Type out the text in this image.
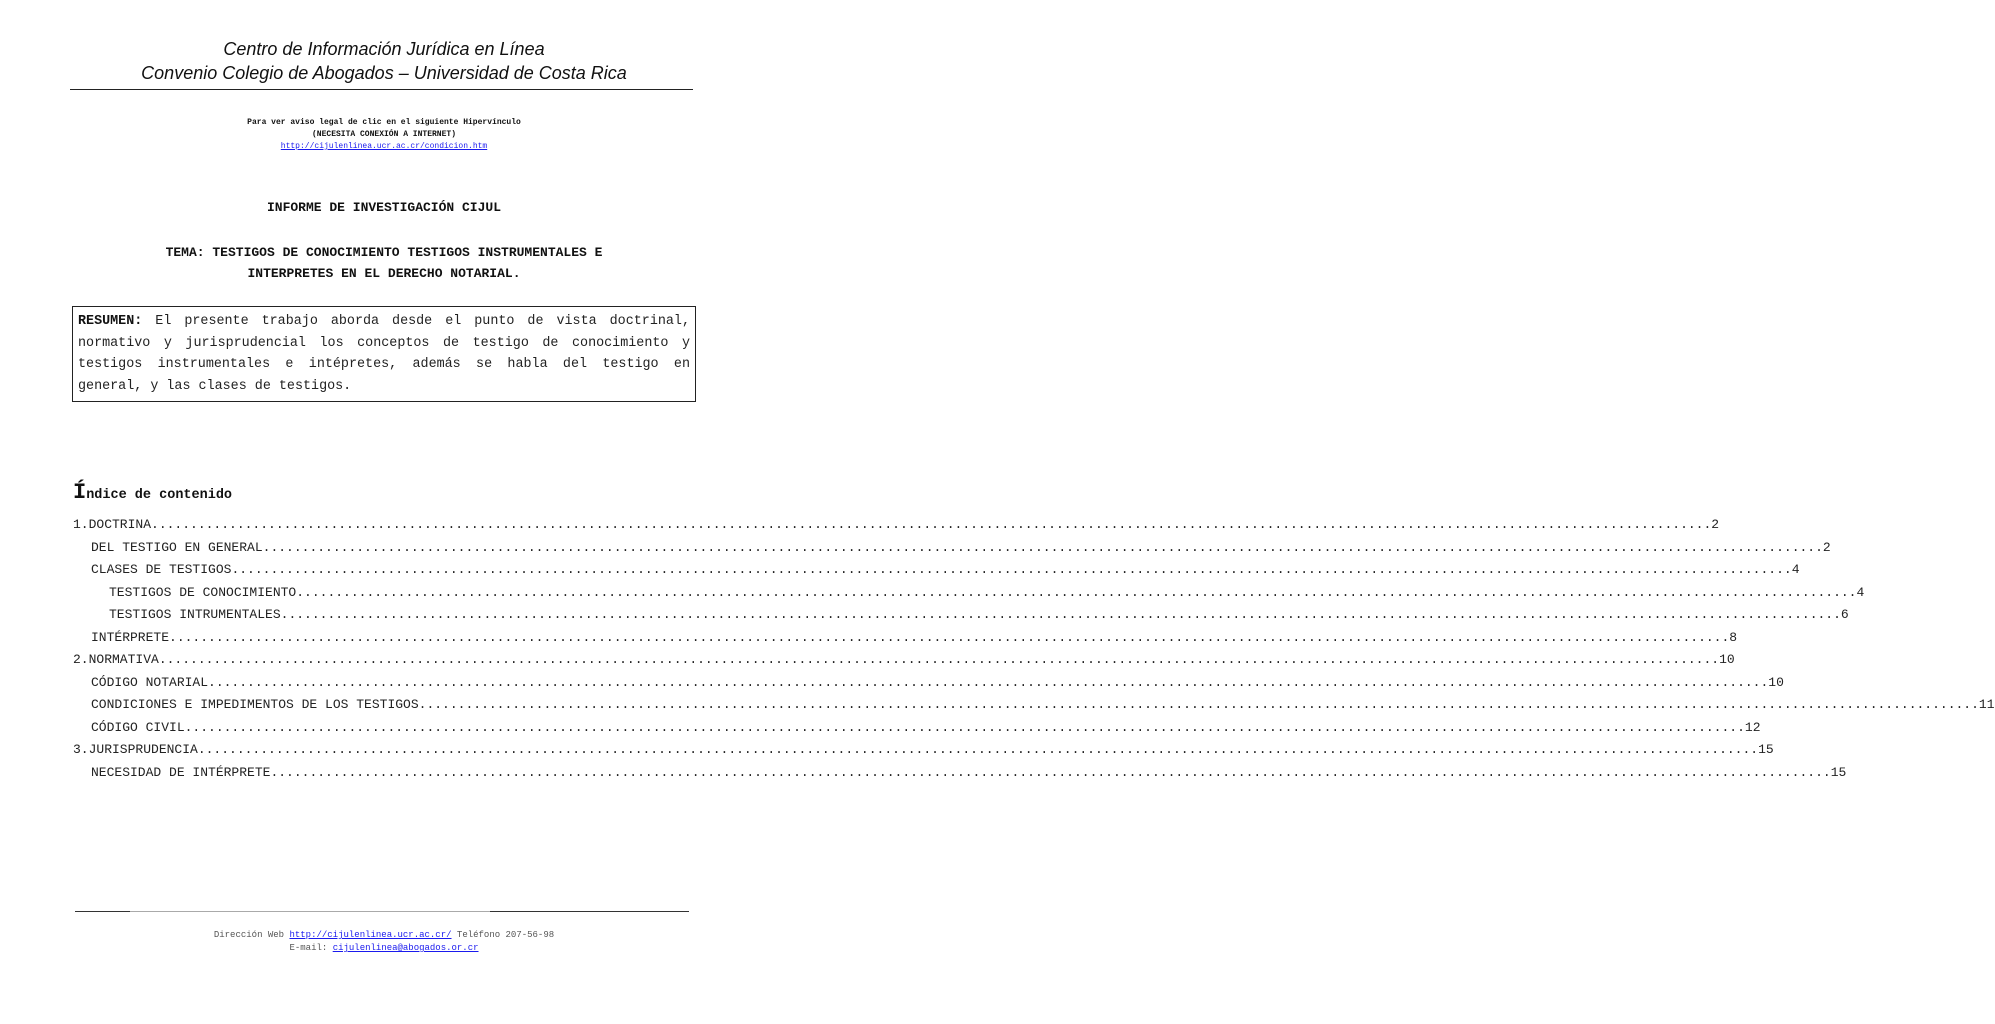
Centro de Información Jurídica en Línea
Convenio Colegio de Abogados – Universidad de Costa Rica
Para ver aviso legal de clic en el siguiente Hipervínculo
(NECESITA CONEXIÓN A INTERNET)
http://cijulenlinea.ucr.ac.cr/condicion.htm
INFORME DE INVESTIGACIÓN CIJUL
TEMA: TESTIGOS DE CONOCIMIENTO TESTIGOS INSTRUMENTALES E
INTERPRETES EN EL DERECHO NOTARIAL.
RESUMEN: El presente trabajo aborda desde el punto de vista doctrinal, normativo y jurisprudencial los conceptos de testigo de conocimiento y testigos instrumentales e intépretes, además se habla del testigo en general, y las clases de testigos.
Índice de contenido
1.DOCTRINA ........................................................................................................................................................................................................ 2
DEL TESTIGO EN GENERAL ........................................................................................................................................................................................................ 2
CLASES DE TESTIGOS ........................................................................................................................................................................................................ 4
TESTIGOS DE CONOCIMIENTO ........................................................................................................................................................................................................ 4
TESTIGOS INTRUMENTALES ........................................................................................................................................................................................................ 6
INTÉRPRETE ........................................................................................................................................................................................................ 8
2.NORMATIVA ........................................................................................................................................................................................................ 10
CÓDIGO NOTARIAL ........................................................................................................................................................................................................ 10
CONDICIONES E IMPEDIMENTOS DE LOS TESTIGOS ........................................................................................................................................................................................................ 11
CÓDIGO CIVIL ........................................................................................................................................................................................................ 12
3.JURISPRUDENCIA ........................................................................................................................................................................................................ 15
NECESIDAD DE INTÉRPRETE ........................................................................................................................................................................................................ 15
Dirección Web http://cijulenlinea.ucr.ac.cr/ Teléfono 207-56-98
E-mail: cijulenlinea@abogados.or.cr
